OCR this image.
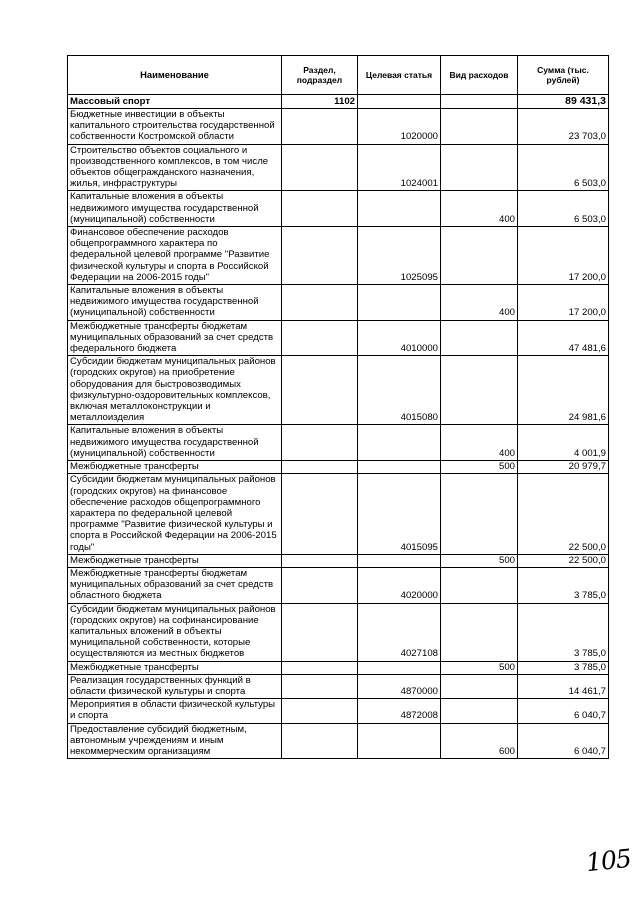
Наименование	Раздел, подраздел	Целевая статья	Вид расходов	Сумма (тыс. рублей)
Массовый спорт	1102			89 431,3
Бюджетные инвестиции в объекты капитального строительства государственной собственности Костромской области		1020000		23 703,0
Строительство объектов социального и производственного комплексов, в том числе объектов общегражданского назначения, жилья, инфраструктуры		1024001		6 503,0
Капитальные вложения в объекты недвижимого имущества государственной (муниципальной) собственности			400	6 503,0
Финансовое обеспечение расходов общепрограммного характера по федеральной целевой программе "Развитие физической культуры и спорта в Российской Федерации на 2006-2015 годы"		1025095		17 200,0
Капитальные вложения в объекты недвижимого имущества государственной (муниципальной) собственности			400	17 200,0
Межбюджетные трансферты бюджетам муниципальных образований за счет средств федерального бюджета		4010000		47 481,6
Субсидии бюджетам муниципальных районов (городских округов) на приобретение оборудования для быстровозводимых физкультурно-оздоровительных комплексов, включая металлоконструкции и металлоизделия		4015080		24 981,6
Капитальные вложения в объекты недвижимого имущества государственной (муниципальной) собственности			400	4 001,9
Межбюджетные трансферты			500	20 979,7
Субсидии бюджетам муниципальных районов (городских округов) на финансовое обеспечение расходов общепрограммного характера по федеральной целевой программе "Развитие физической культуры и спорта в Российской Федерации на 2006-2015 годы"		4015095		22 500,0
Межбюджетные трансферты			500	22 500,0
Межбюджетные трансферты бюджетам муниципальных образований за счет средств областного бюджета		4020000		3 785,0
Субсидии бюджетам муниципальных районов (городских округов) на софинансирование капитальных вложений в объекты муниципальной собственности, которые осуществляются из местных бюджетов		4027108		3 785,0
Межбюджетные трансферты			500	3 785,0
Реализация государственных функций в области физической культуры и спорта		4870000		14 461,7
Мероприятия в области физической культуры и спорта		4872008		6 040,7
Предоставление субсидий бюджетным, автономным учреждениям и иным некоммерческим организациям			600	6 040,7
105
